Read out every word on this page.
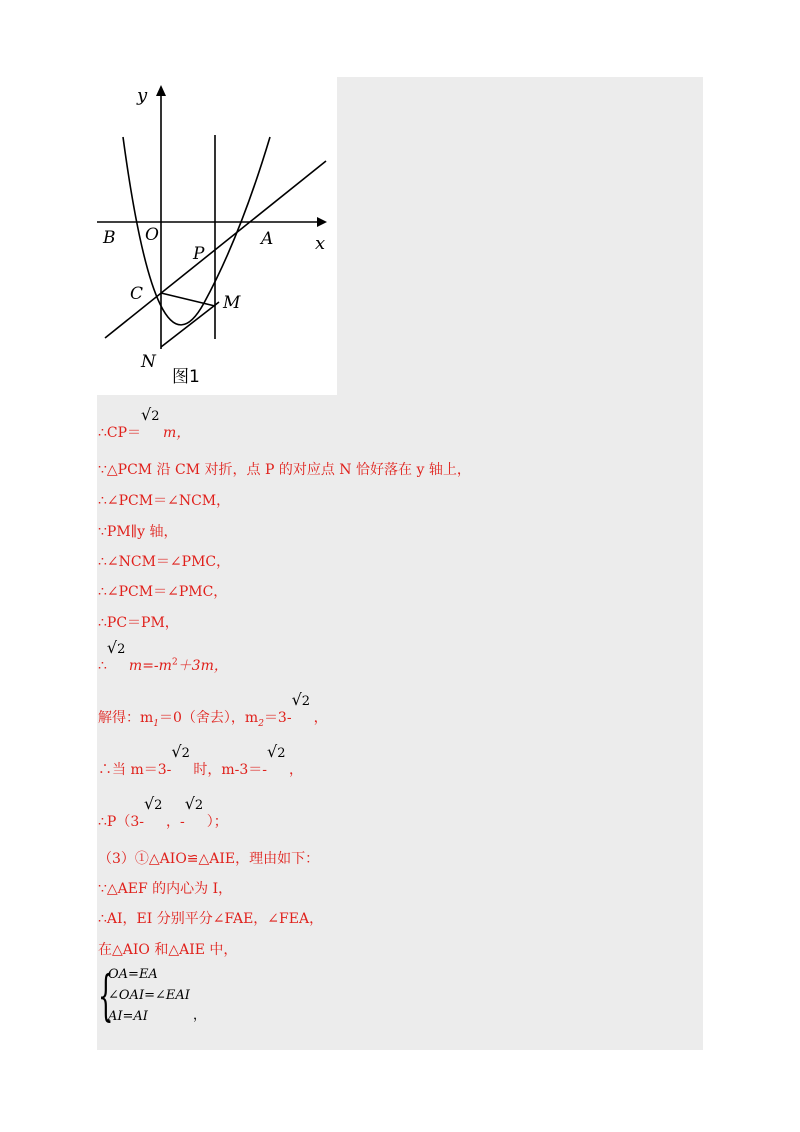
y
x
B O	A
P
C	M
N
图1
∴CP＝
√ 2
m，
∵△PCM 沿 CM 对折，点 P 的对应点 N 恰好落在 y 轴上，
∴∠PCM＝∠NCM，
∵PM∥y 轴，
∴∠NCM＝∠PMC，
∴∠PCM＝∠PMC，
∴PC＝PM，
∴
√ 2
$m=-m^2+3m$，
解得：$m_1=0$（舍去），$m_2=3-$
√ 2
，
∴当 m＝3-
√ 2
时，m-3＝-
√ 2
，
∴P（3-
√ 2
，-
√ 2
）；
（3）①△AIO≌△AIE，理由如下：
∵△AEF 的内心为 I，
∴AI，EI 分别平分∠FAE，∠FEA，
在△AIO 和△AIE 中，
{
OA=EA
∠OAI=∠EAI
AI=AI	，
